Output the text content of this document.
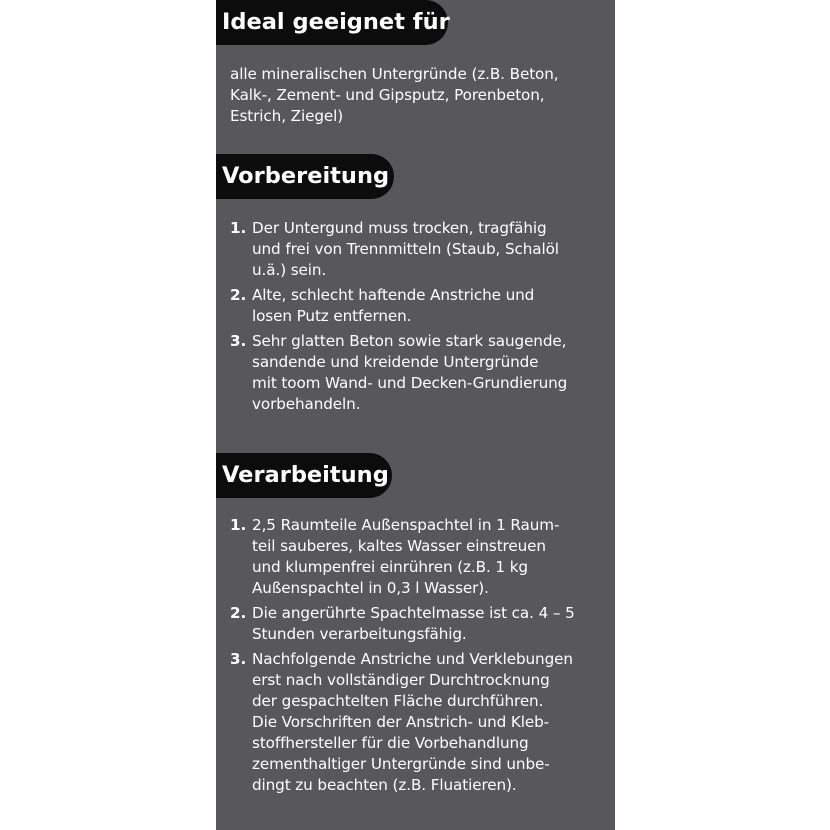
Ideal geeignet für

alle mineralischen Untergründe (z.B. Beton,
Kalk-, Zement- und Gipsputz, Porenbeton,
Estrich, Ziegel)

Vorbereitung
1. Der Untergund muss trocken, tragfähig
und frei von Trennmitteln (Staub, Schalöl
u.ä.) sein.
2. Alte, schlecht haftende Anstriche und
losen Putz entfernen.
3. Sehr glatten Beton sowie stark saugende,
sandende und kreidende Untergründe
mit toom Wand- und Decken-Grundierung
vorbehandeln.
Verarbeitung
1. 2,5 Raumteile Außenspachtel in 1 Raum-
teil sauberes, kaltes Wasser einstreuen
und klumpenfrei einrühren (z.B. 1 kg
Außenspachtel in 0,3 l Wasser).
2. Die angerührte Spachtelmasse ist ca. 4 – 5
Stunden verarbeitungsfähig.
3. Nachfolgende Anstriche und Verklebungen
erst nach vollständiger Durchtrocknung
der gespachtelten Fläche durchführen.
Die Vorschriften der Anstrich- und Kleb-
stoffhersteller für die Vorbehandlung
zementhaltiger Untergründe sind unbe-
dingt zu beachten (z.B. Fluatieren).
